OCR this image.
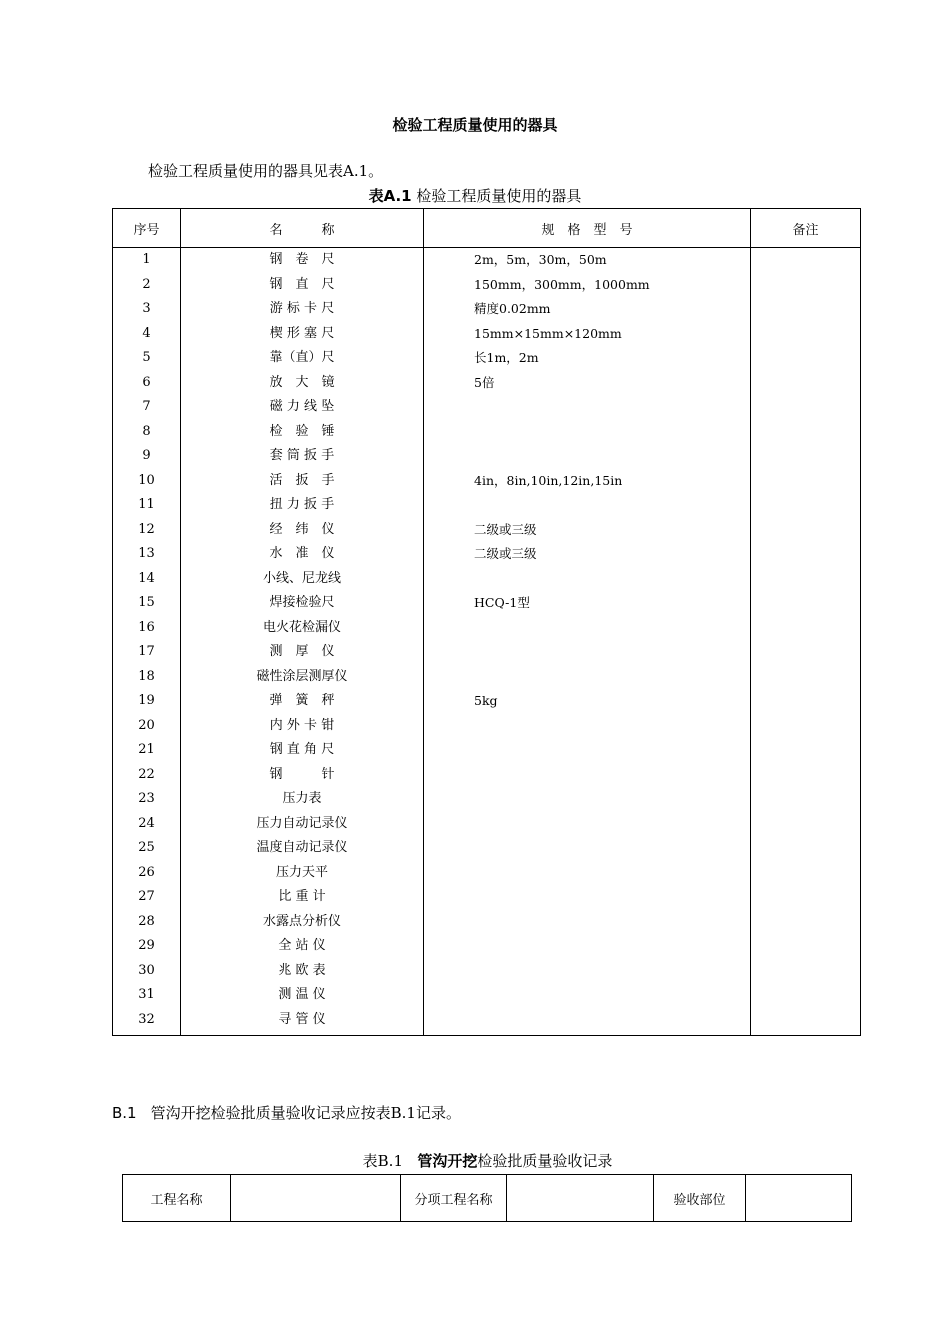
检验工程质量使用的器具
检验工程质量使用的器具见表A.1。
表A.1 检验工程质量使用的器具
序号	名　　　称	规　格　型　号	备注
1	钢　卷　尺	2m，5m，30m，50m	
2	钢　直　尺	150mm，300mm，1000mm	
3	游 标 卡 尺	精度0.02mm	
4	楔 形 塞 尺	15mm×15mm×120mm	
5	靠（直）尺	长1m，2m	
6	放　大　镜	5倍	
7	磁 力 线 坠		
8	检　验　锤		
9	套 筒 扳 手		
10	活　扳　手	4in，8in,10in,12in,15in	
11	扭 力 扳 手		
12	经　纬　仪	二级或三级	
13	水　准　仪	二级或三级	
14	小线、尼龙线		
15	焊接检验尺	HCQ-1型	
16	电火花检漏仪		
17	测　厚　仪		
18	磁性涂层测厚仪		
19	弹　簧　秤	5kg	
20	内 外 卡 钳		
21	钢 直 角 尺		
22	钢　　　针		
23	压力表		
24	压力自动记录仪		
25	温度自动记录仪		
26	压力天平		
27	比 重 计		
28	水露点分析仪		
29	全 站 仪		
30	兆 欧 表		
31	测 温 仪		
32	寻 管 仪		
B.1 管沟开挖检验批质量验收记录应按表B.1记录。
表B.1 管沟开挖检验批质量验收记录
工程名称		分项工程名称		验收部位	
